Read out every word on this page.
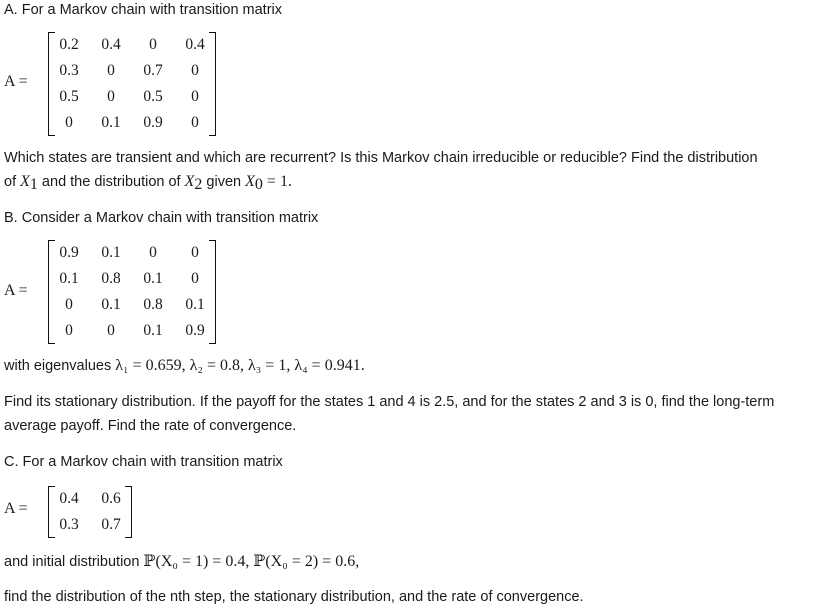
A. For a Markov chain with transition matrix
A =
0.2	0.4	0	0.4
0.3	0	0.7	0
0.5	0	0.5	0
0	0.1	0.9	0
Which states are transient and which are recurrent? Is this Markov chain irreducible or reducible? Find the distribution
of $X_1$ and the distribution of $X_2$ given $X_0 = 1$.
B. Consider a Markov chain with transition matrix
A =
0.9	0.1	0	0
0.1	0.8	0.1	0
0	0.1	0.8	0.1
0	0	0.1	0.9
with eigenvalues λ₁ = 0.659, λ₂ = 0.8, λ₃ = 1, λ₄ = 0.941.
Find its stationary distribution. If the payoff for the states 1 and 4 is 2.5, and for the states 2 and 3 is 0, find the long-term
average payoff. Find the rate of convergence.
C. For a Markov chain with transition matrix
A =
0.4	0.6
0.3	0.7
and initial distribution ℙ(X₀ = 1) = 0.4, ℙ(X₀ = 2) = 0.6,
find the distribution of the nth step, the stationary distribution, and the rate of convergence.
